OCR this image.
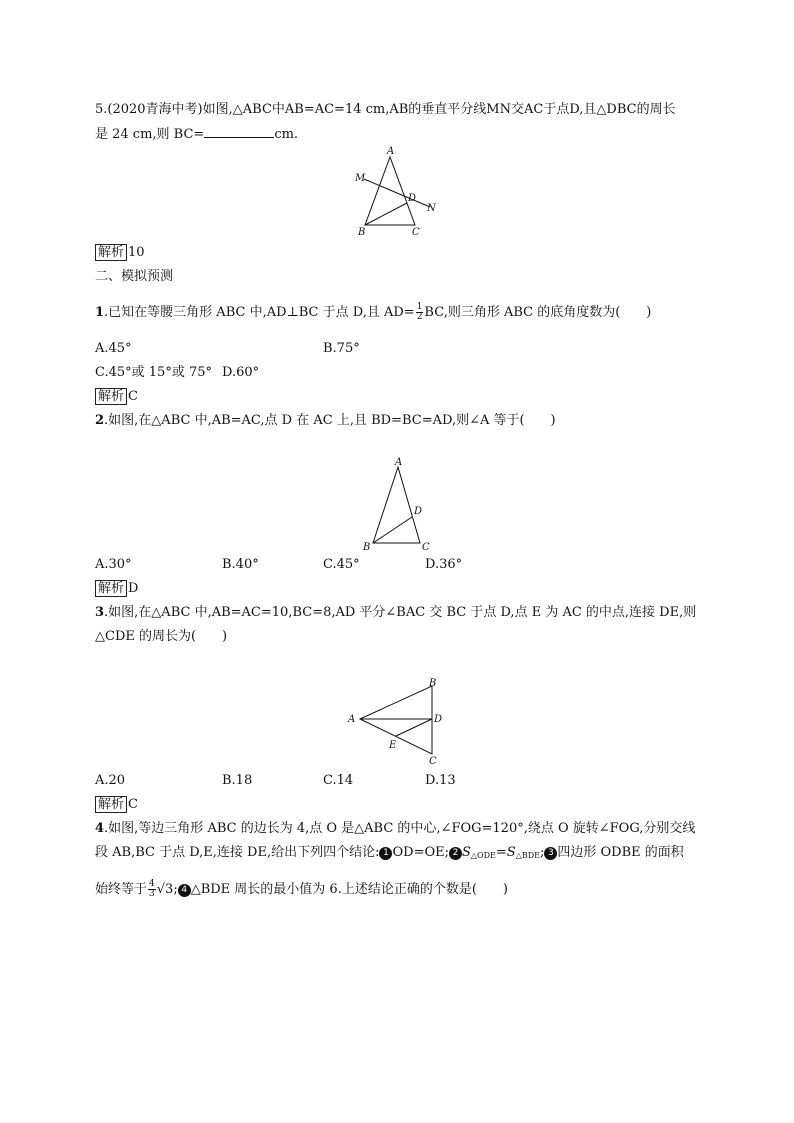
5.(2020青海中考)如图,△ABC中AB=AC=14 cm,AB的垂直平分线MN交AC于点D,且△DBC的周长
是 24 cm,则 BC=	cm.
A
M
D
N
B	C
解析 10
二、模拟预测
1.已知在等腰三角形 ABC 中,AD⊥BC 于点 D,且 $AD= \frac{1}{2}$ BC,则三角形 ABC 的底角度数为(　　)
A.45°	B.75°
C.45°或 15°或 75° D.60°
解析 C
2.如图,在△ABC 中,AB=AC,点 D 在 AC 上,且 BD=BC=AD,则∠A 等于(　　)
A
D
B	C
A.30°	B.40°	C.45°	D.36°
解析 D
3.如图,在△ABC 中,AB=AC=10,BC=8,AD 平分∠BAC 交 BC 于点 D,点 E 为 AC 的中点,连接 DE,则
△CDE 的周长为(　　)
A
B
D
E
C
A.20	B.18	C.14	D.13
解析 C
4.如图,等边三角形 ABC 的边长为 4,点 O 是△ABC 的中心,∠FOG=120°,绕点 O 旋转∠FOG,分别交线
段 AB,BC 于点 D,E,连接 DE,给出下列四个结论: 1 OD=OE; 2 $S_{\triangle ODE}=S_{\triangle BDE}$; 3 四边形 ODBE 的面积
始终等于 $\frac{4}{3} √3$; 4 △BDE 周长的最小值为 6.上述结论正确的个数是(　　)
